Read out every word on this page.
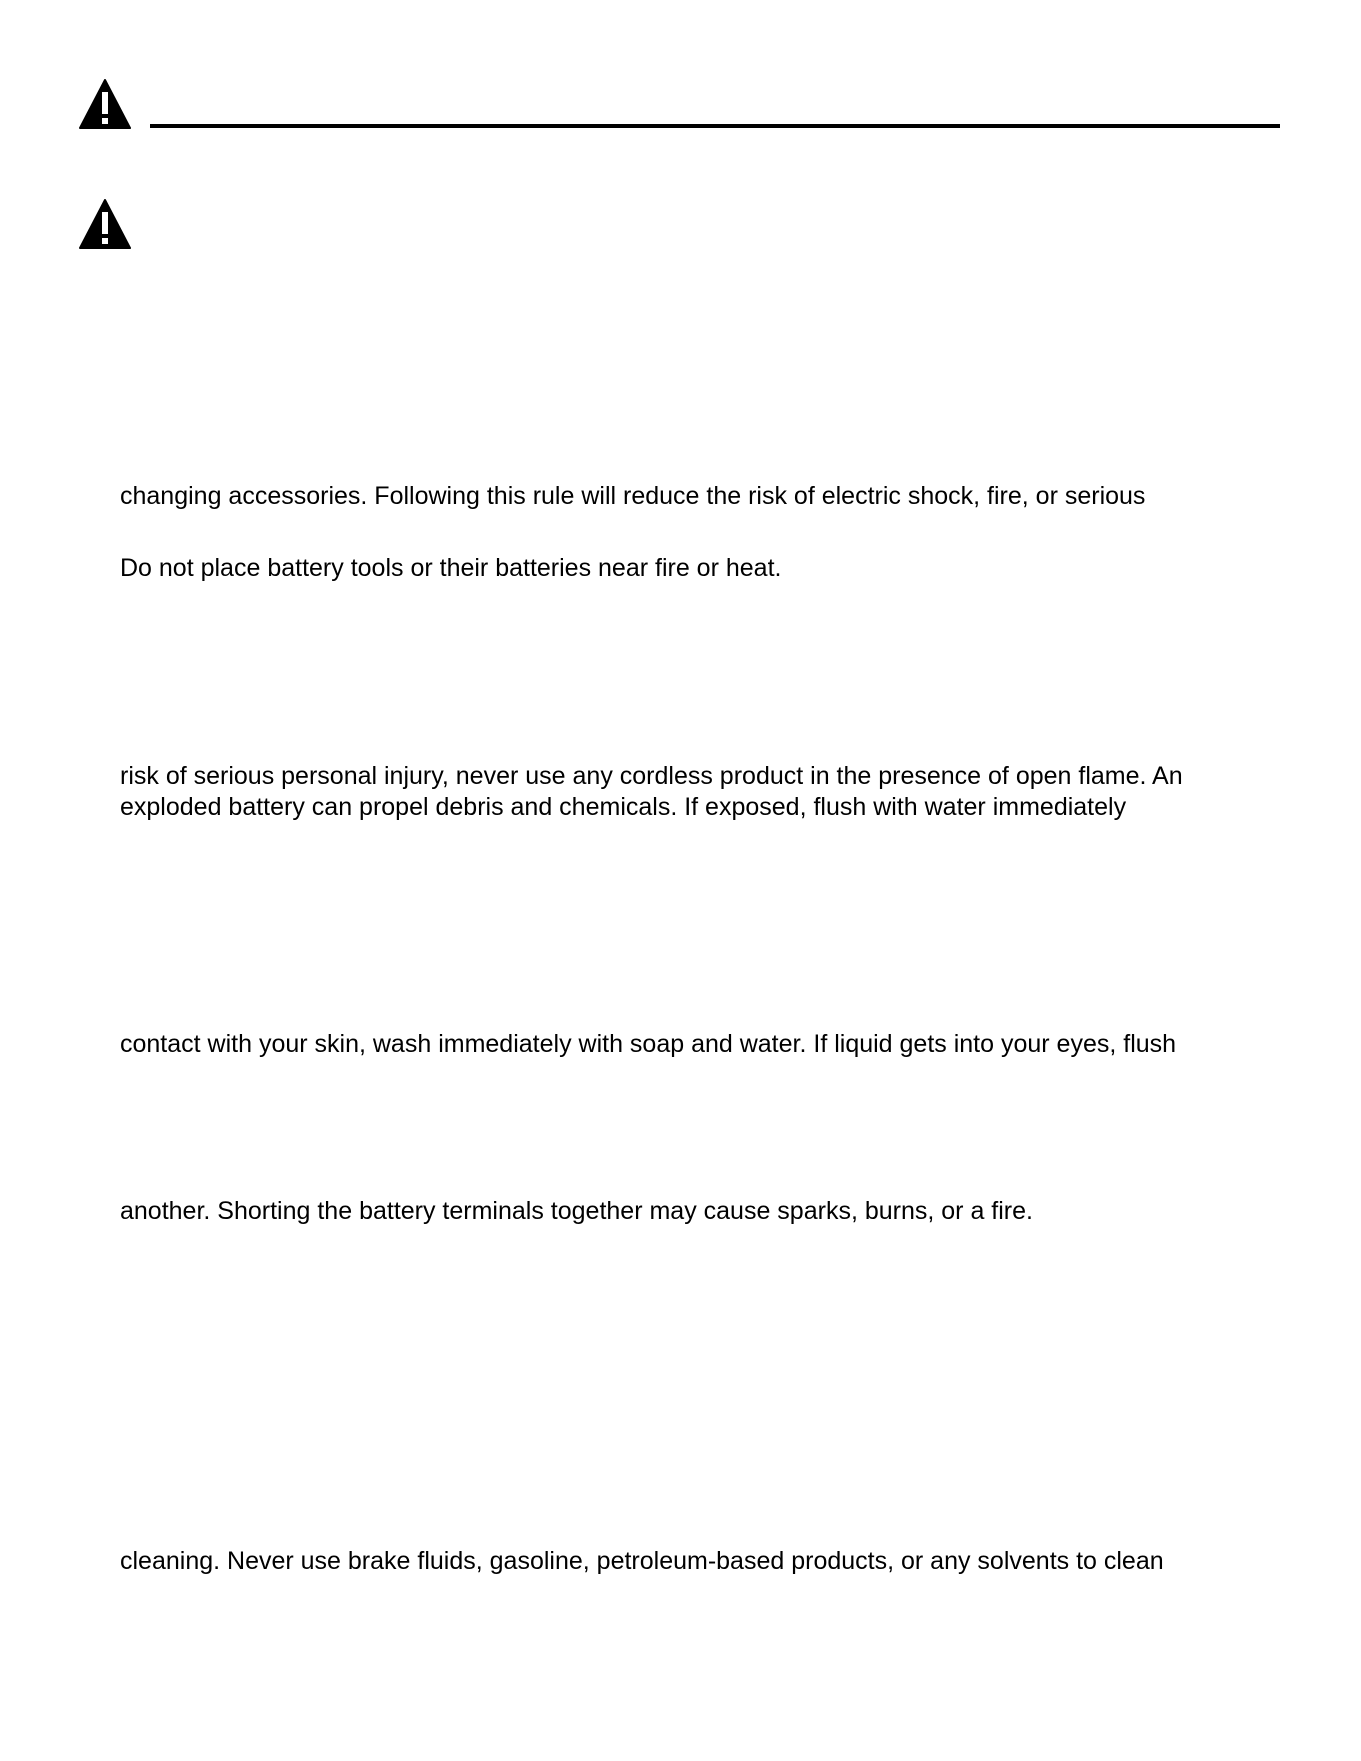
changing accessories. Following this rule will reduce the risk of electric shock, fire, or serious
Do not place battery tools or their batteries near fire or heat.
risk of serious personal injury, never use any cordless product in the presence of open flame. An
exploded battery can propel debris and chemicals. If exposed, flush with water immediately
contact with your skin, wash immediately with soap and water. If liquid gets into your eyes, flush
another. Shorting the battery terminals together may cause sparks, burns, or a fire.
cleaning. Never use brake fluids, gasoline, petroleum-based products, or any solvents to clean
